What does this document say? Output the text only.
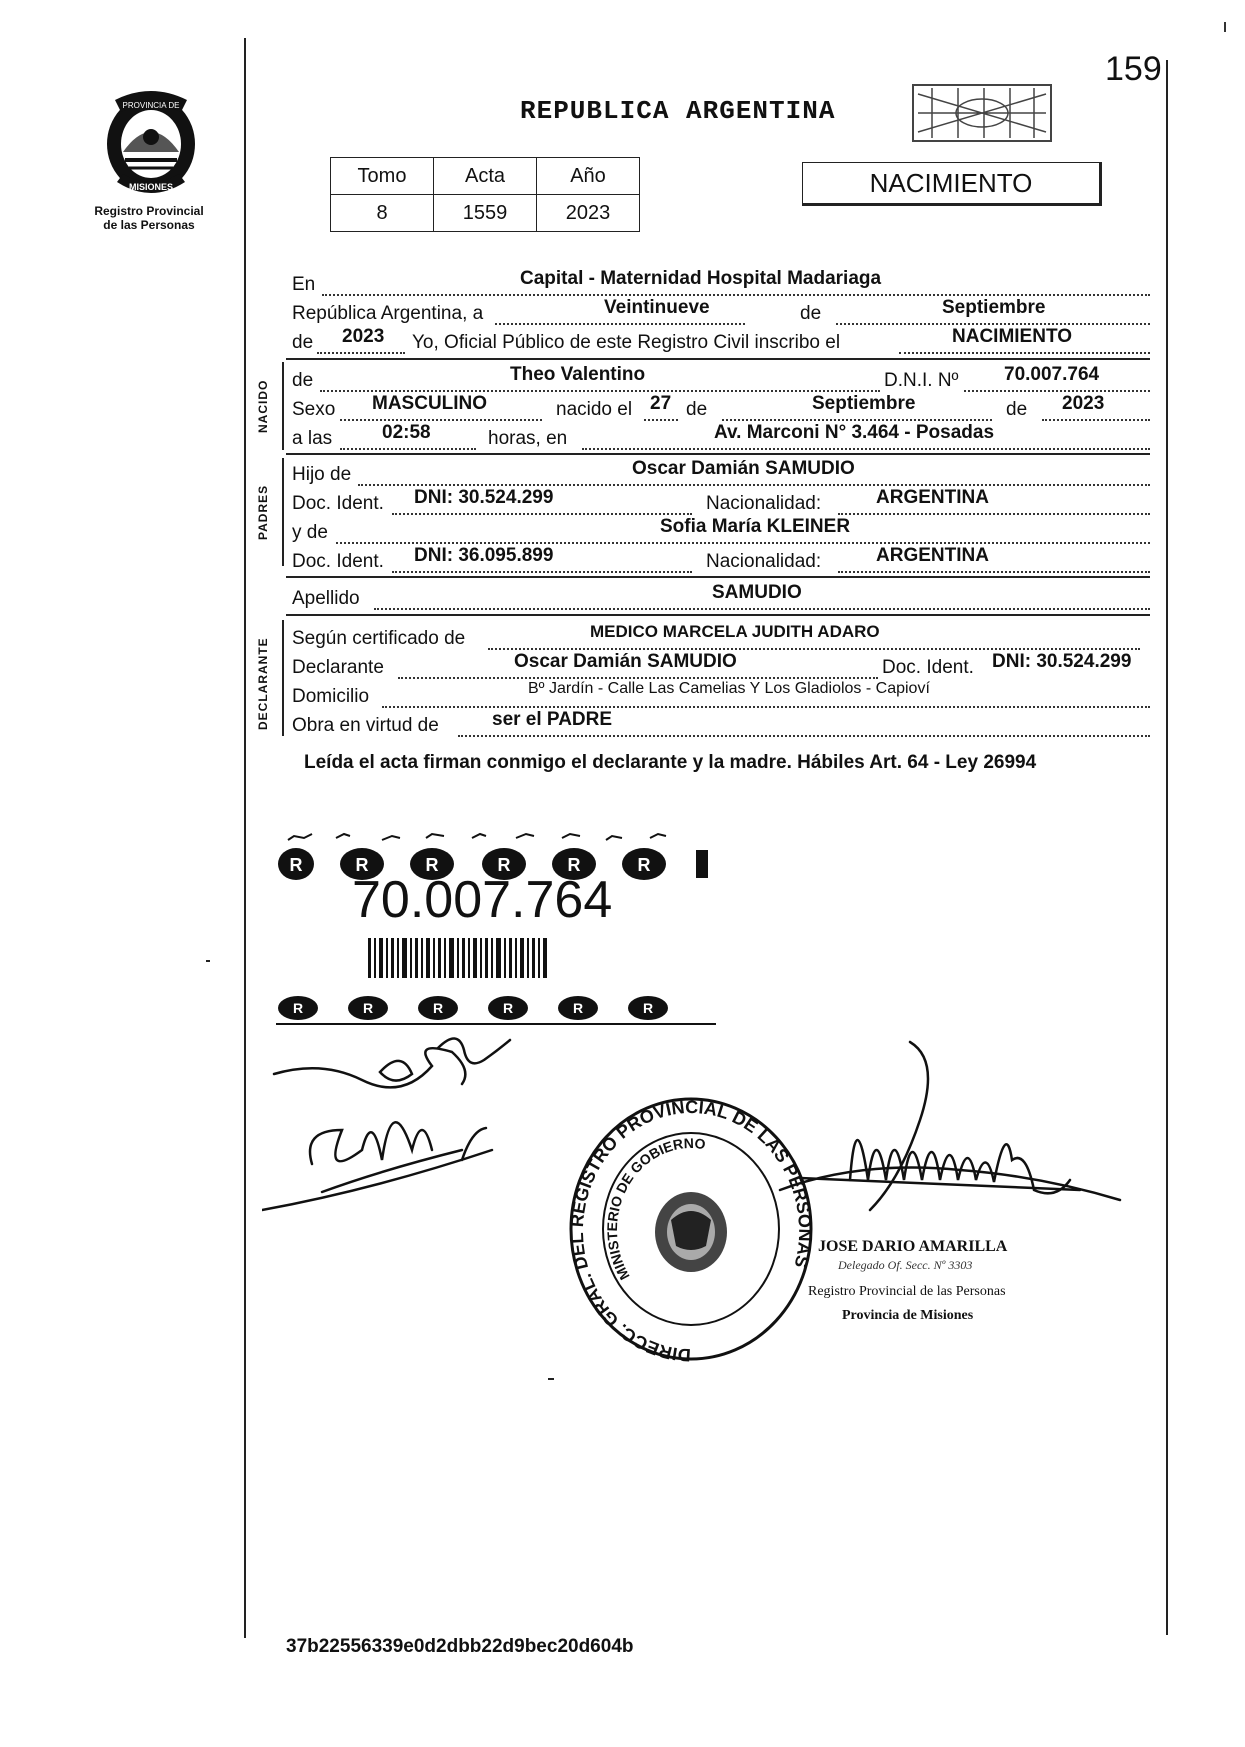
159
PROVINCIA DE
MISIONES
Registro Provincial
de las Personas
REPUBLICA ARGENTINA
Tomo	Acta	Año
8	1559	2023
NACIMIENTO
En	Capital - Maternidad Hospital Madariaga
República Argentina, a	Veintinueve	de	Septiembre
de 2023 Yo, Oficial Público de este Registro Civil inscribo el	NACIMIENTO
NACIDO de	Theo Valentino	D.N.I. Nº 70.007.764
Sexo MASCULINO	nacido el 27 de	Septiembre	de 2023
a las	02:58	horas, en	Av. Marconi N° 3.464 - Posadas
PADRES
Hijo de	Oscar Damián SAMUDIO
Doc. Ident. DNI: 30.524.299	Nacionalidad:	ARGENTINA
y de	Sofia María KLEINER
Doc. Ident. DNI: 36.095.899	Nacionalidad:	ARGENTINA
Apellido	SAMUDIO
DECLARANTE Según certificado de	MEDICO MARCELA JUDITH ADARO
Declarante	Oscar Damián SAMUDIO	Doc. Ident. DNI: 30.524.299
Domicilio	Bº Jardín - Calle Las Camelias Y Los Gladiolos - Capioví
Obra en virtud de	ser el PADRE
Leída el acta firman conmigo el declarante y la madre. Hábiles Art. 64 - Ley 26994
R	R	R	R	R	R
R	R	R	R	R	R
70.007.764
DIRECC. GRAL. DEL REGISTRO PROVINCIAL DE LAS PERSONAS
MINISTERIO DE GOBIERNO
JOSE DARIO AMARILLA
Delegado Of. Secc. Nº 3303
Registro Provincial de las Personas
Provincia de Misiones
37b22556339e0d2dbb22d9bec20d604b
